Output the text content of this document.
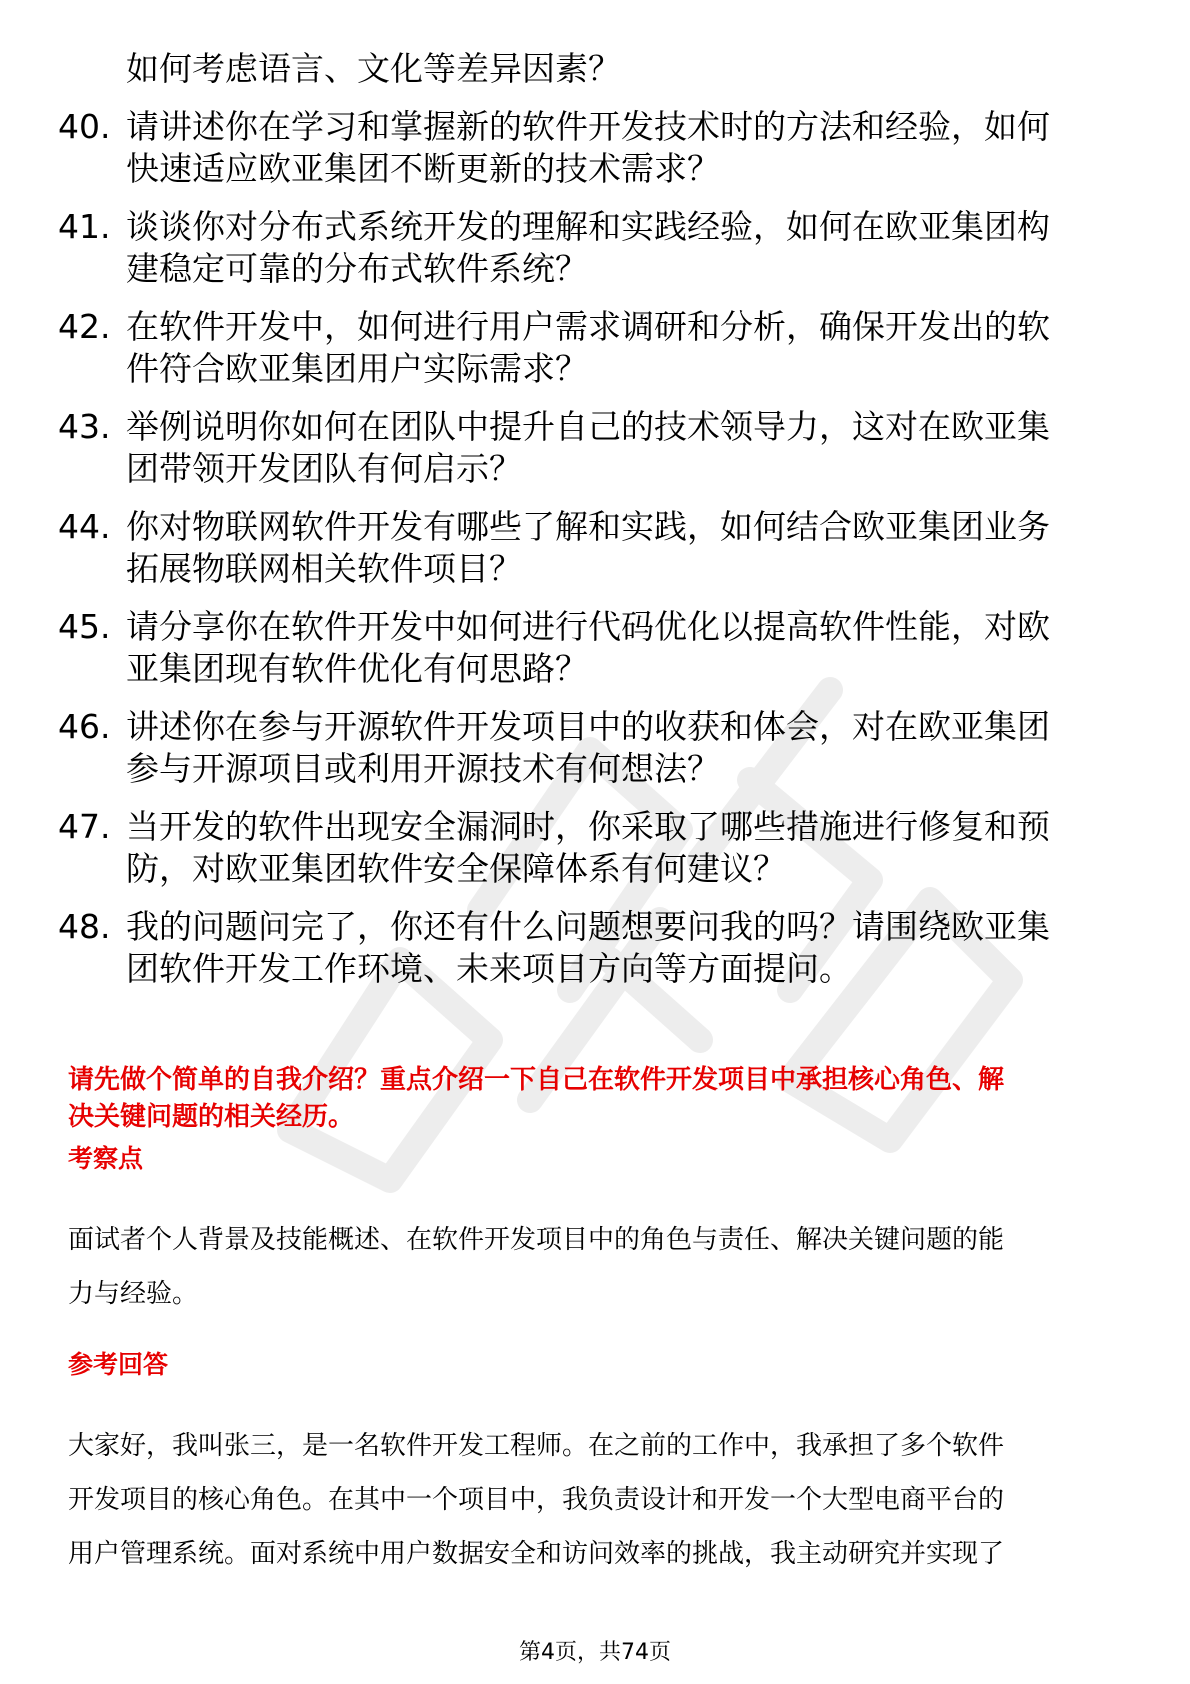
如何考虑语言、文化等差异因素？
40. 请讲述你在学习和掌握新的软件开发技术时的方法和经验，如何
快速适应欧亚集团不断更新的技术需求？
41. 谈谈你对分布式系统开发的理解和实践经验，如何在欧亚集团构
建稳定可靠的分布式软件系统？
42. 在软件开发中，如何进行用户需求调研和分析，确保开发出的软
件符合欧亚集团用户实际需求？
43. 举例说明你如何在团队中提升自己的技术领导力，这对在欧亚集
团带领开发团队有何启示？
44. 你对物联网软件开发有哪些了解和实践，如何结合欧亚集团业务
拓展物联网相关软件项目？
45. 请分享你在软件开发中如何进行代码优化以提高软件性能，对欧
亚集团现有软件优化有何思路？
46. 讲述你在参与开源软件开发项目中的收获和体会，对在欧亚集团
参与开源项目或利用开源技术有何想法？
47. 当开发的软件出现安全漏洞时，你采取了哪些措施进行修复和预
防，对欧亚集团软件安全保障体系有何建议？
48. 我的问题问完了，你还有什么问题想要问我的吗？请围绕欧亚集
团软件开发工作环境、未来项目方向等方面提问。
请先做个简单的自我介绍？重点介绍一下自己在软件开发项目中承担核心角色、解
决关键问题的相关经历。
考察点
面试者个人背景及技能概述、在软件开发项目中的角色与责任、解决关键问题的能
力与经验。
参考回答
大家好，我叫张三，是一名软件开发工程师。在之前的工作中，我承担了多个软件
开发项目的核心角色。在其中一个项目中，我负责设计和开发一个大型电商平台的
用户管理系统。面对系统中用户数据安全和访问效率的挑战，我主动研究并实现了
第4页，共74页
